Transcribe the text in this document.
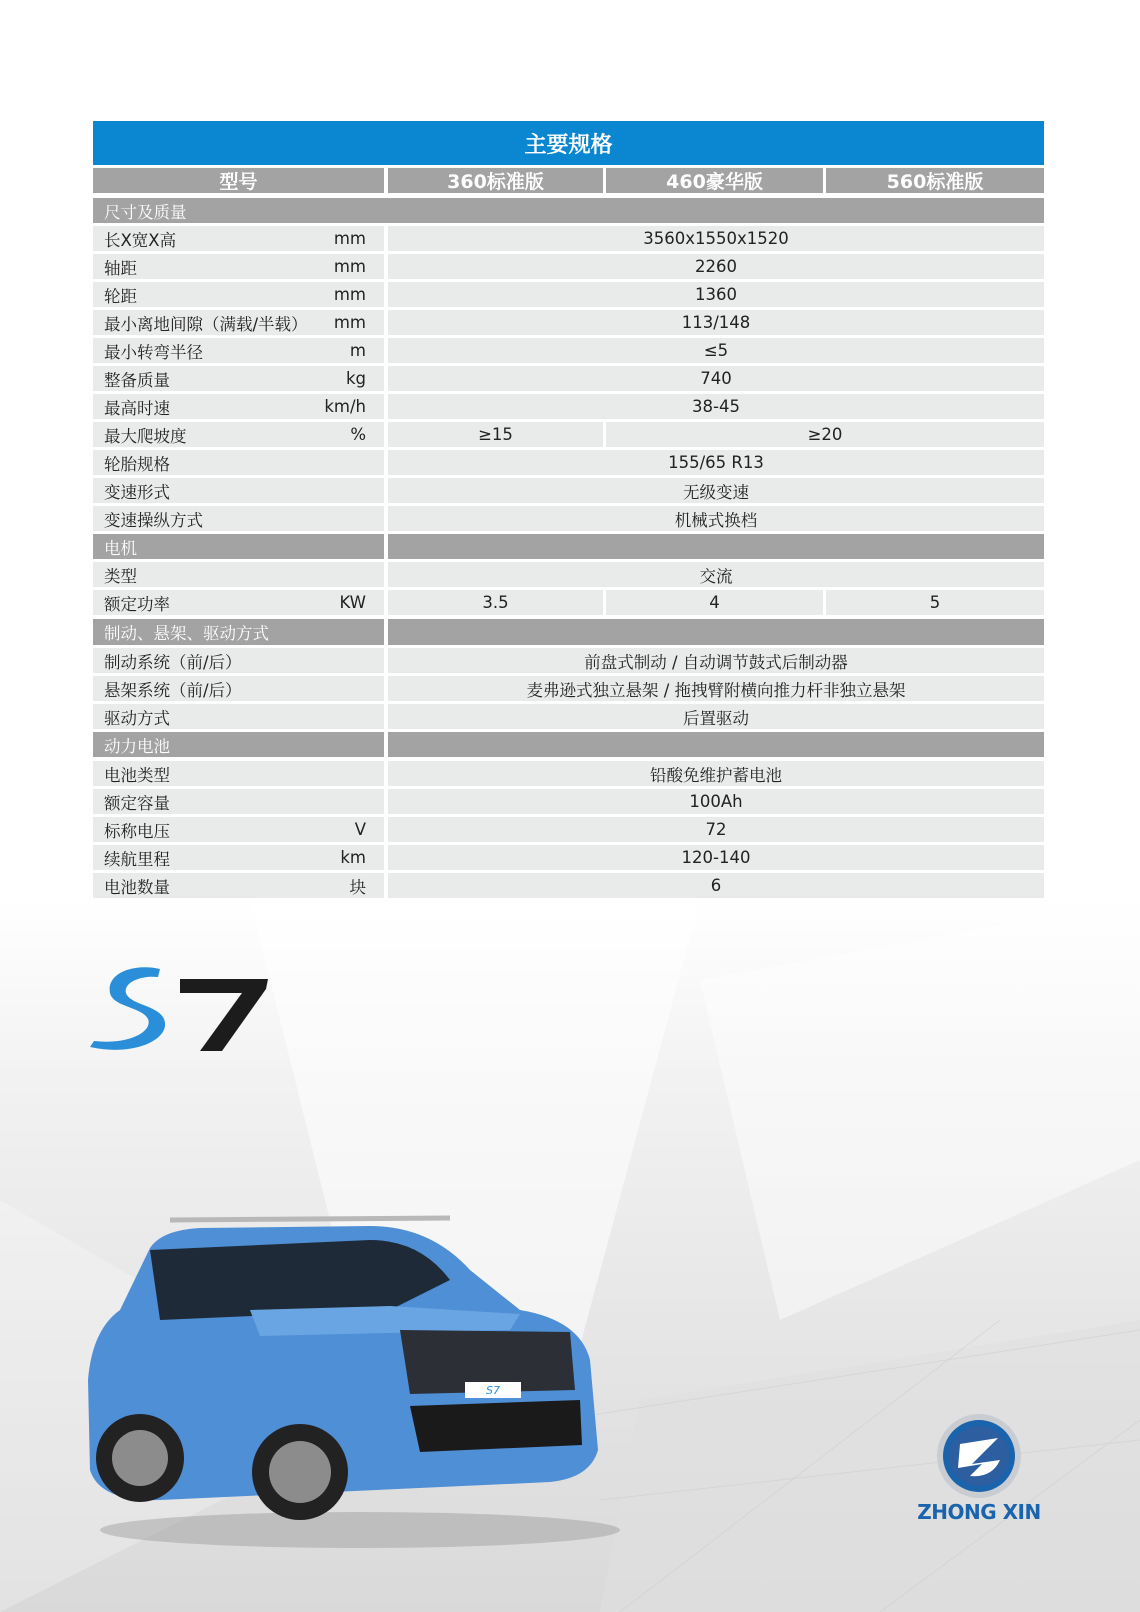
主要规格
型号	360标准版	460豪华版	560标准版
尺寸及质量
长X宽X高	mm	3560x1550x1520
轴距	mm	2260
轮距	mm	1360
最小离地间隙（满载/半载） mm	113/148
最小转弯半径	m	≤5
整备质量	kg	740
最高时速	km/h	38-45
最大爬坡度	%	≥15	≥20
轮胎规格	155/65 R13
变速形式	无级变速
变速操纵方式	机械式换档
电机
类型	交流
额定功率	KW	3.5	4	5
制动、悬架、驱动方式
制动系统（前/后）	前盘式制动 / 自动调节鼓式后制动器
悬架系统（前/后）	麦弗逊式独立悬架 / 拖拽臂附横向推力杆非独立悬架
驱动方式	后置驱动
动力电池
电池类型	铅酸免维护蓄电池
额定容量	100Ah
标称电压	V	72
续航里程	km	120-140
电池数量	块	6
S7
ZHONG XIN
